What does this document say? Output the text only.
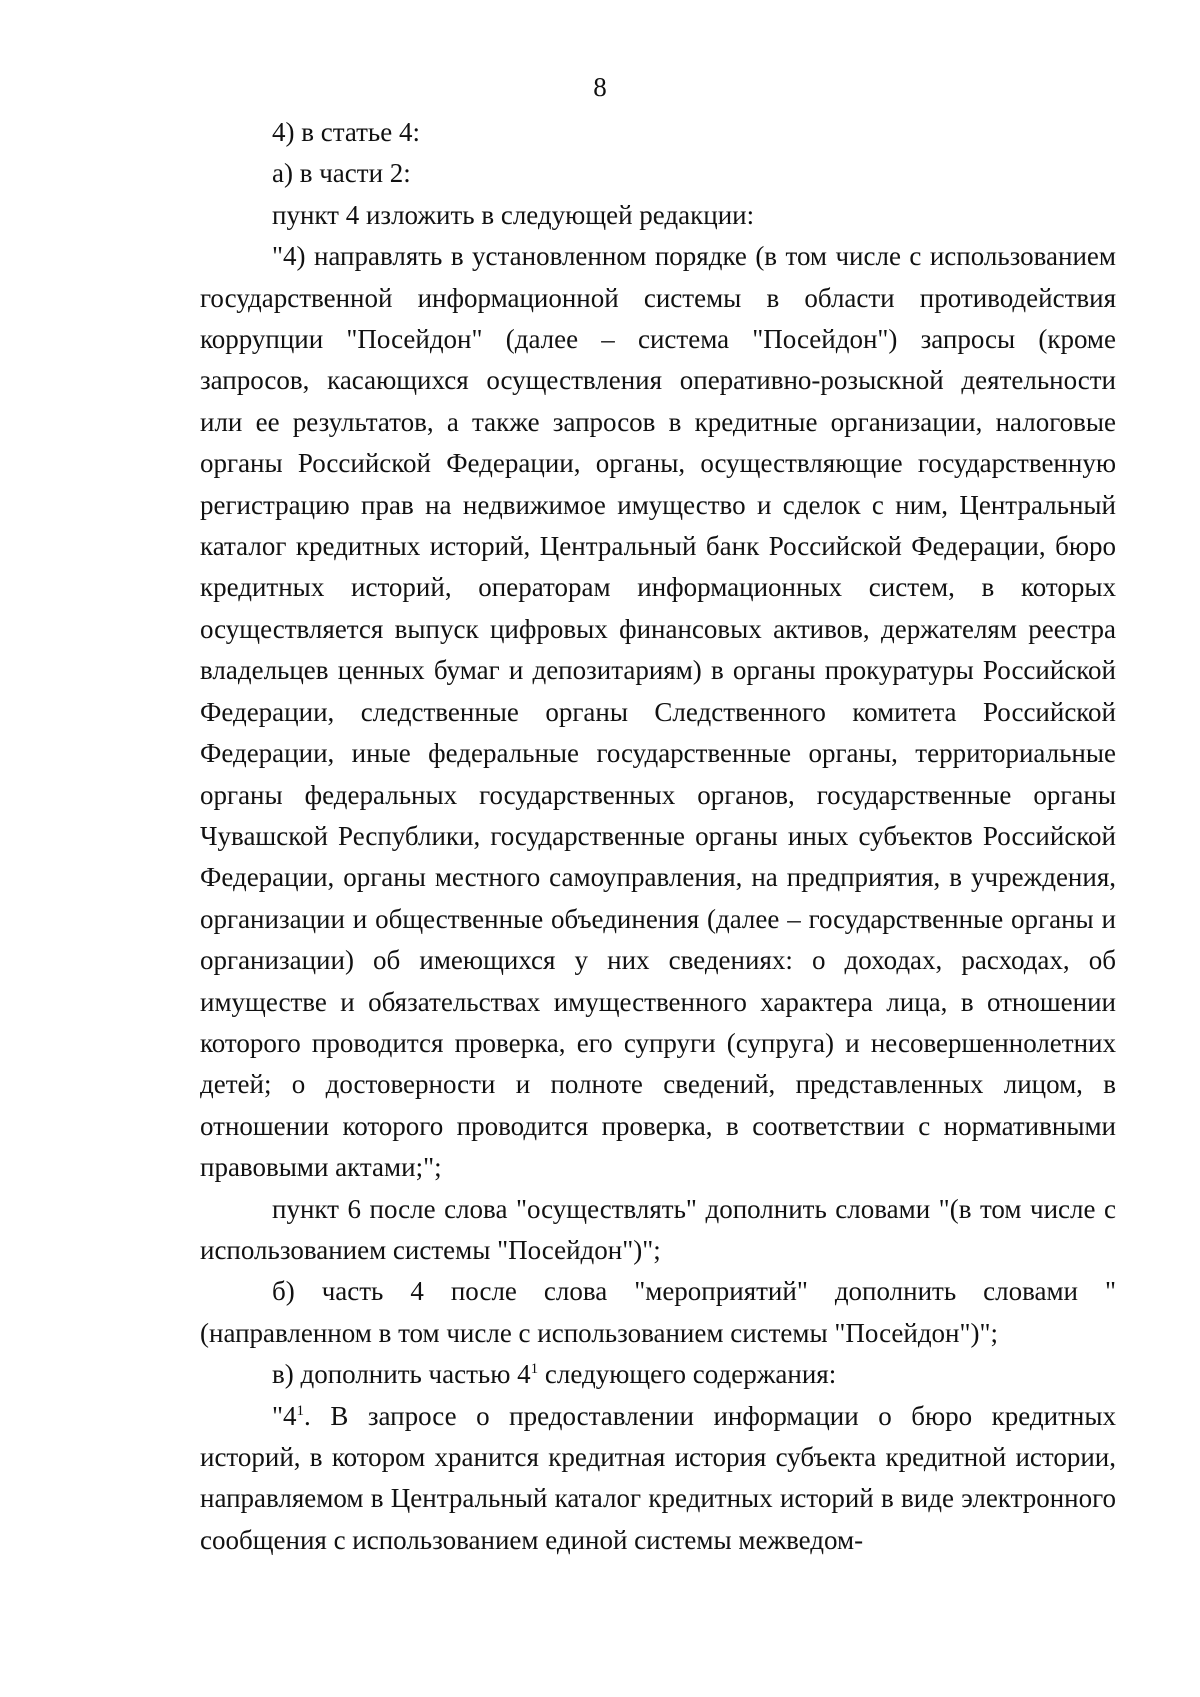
8

4) в статье 4:

а) в части 2:

пункт 4 изложить в следующей редакции:

"4) направлять в установленном порядке (в том числе с использованием государственной информационной системы в области противодействия коррупции "Посейдон" (далее – система "Посейдон") запросы (кроме запросов, касающихся осуществления оперативно-розыскной деятельности или ее результатов, а также запросов в кредитные организации, налоговые органы Российской Федерации, органы, осуществляющие государственную регистрацию прав на недвижимое имущество и сделок с ним, Центральный каталог кредитных историй, Центральный банк Российской Федерации, бюро кредитных историй, операторам информационных систем, в которых осуществляется выпуск цифровых финансовых активов, держателям реестра владельцев ценных бумаг и депозитариям) в органы прокуратуры Российской Федерации, следственные органы Следственного комитета Российской Федерации, иные федеральные государственные органы, территориальные органы федеральных государственных органов, государственные органы Чувашской Республики, государственные органы иных субъектов Российской Федерации, органы местного самоуправления, на предприятия, в учреждения, организации и общественные объединения (далее – государственные органы и организации) об имеющихся у них сведениях: о доходах, расходах, об имуществе и обязательствах имущественного характера лица, в отношении которого проводится проверка, его супруги (супруга) и несовершеннолетних детей; о достоверности и полноте сведений, представленных лицом, в отношении которого проводится проверка, в соответствии с нормативными правовыми актами;";

пункт 6 после слова "осуществлять" дополнить словами "(в том числе с использованием системы "Посейдон")";

б) часть 4 после слова "мероприятий" дополнить словами "(направленном в том числе с использованием системы "Посейдон")";

в) дополнить частью $4^1$ следующего содержания:

"$4^1$. В запросе о предоставлении информации о бюро кредитных историй, в котором хранится кредитная история субъекта кредитной истории, направляемом в Центральный каталог кредитных историй в виде электронного сообщения с использованием единой системы межведом-
